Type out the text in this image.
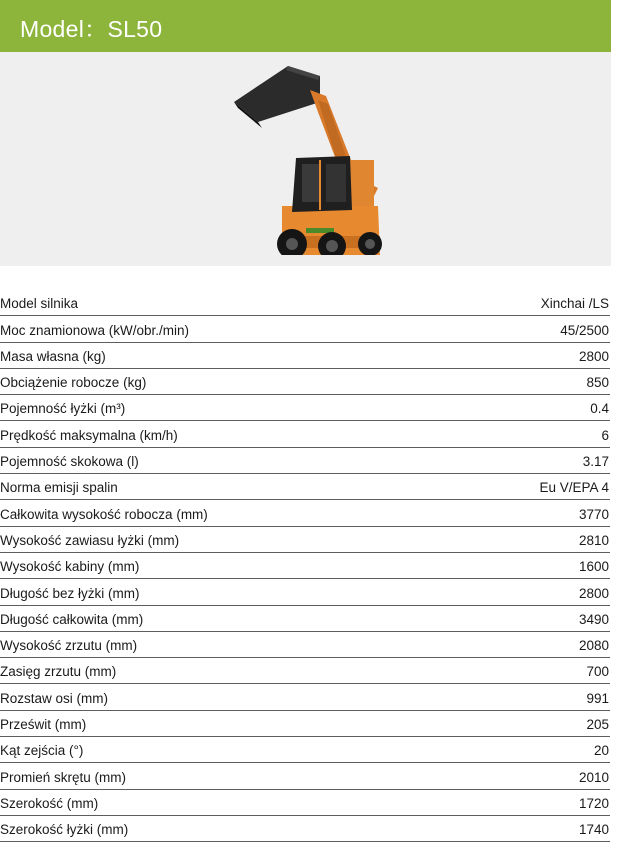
Model：SL50
Model silnika	Xinchai /LS
Moc znamionowa (kW/obr./min)	45/2500
Masa własna (kg)	2800
Obciążenie robocze (kg)	850
Pojemność łyżki (m³)	0.4
Prędkość maksymalna (km/h)	6
Pojemność skokowa (l)	3.17
Norma emisji spalin	Eu V/EPA 4
Całkowita wysokość robocza (mm)	3770
Wysokość zawiasu łyżki (mm)	2810
Wysokość kabiny (mm)	1600
Długość bez łyżki (mm)	2800
Długość całkowita (mm)	3490
Wysokość zrzutu (mm)	2080
Zasięg zrzutu (mm)	700
Rozstaw osi (mm)	991
Prześwit (mm)	205
Kąt zejścia (°)	20
Promień skrętu (mm)	2010
Szerokość (mm)	1720
Szerokość łyżki (mm)	1740
